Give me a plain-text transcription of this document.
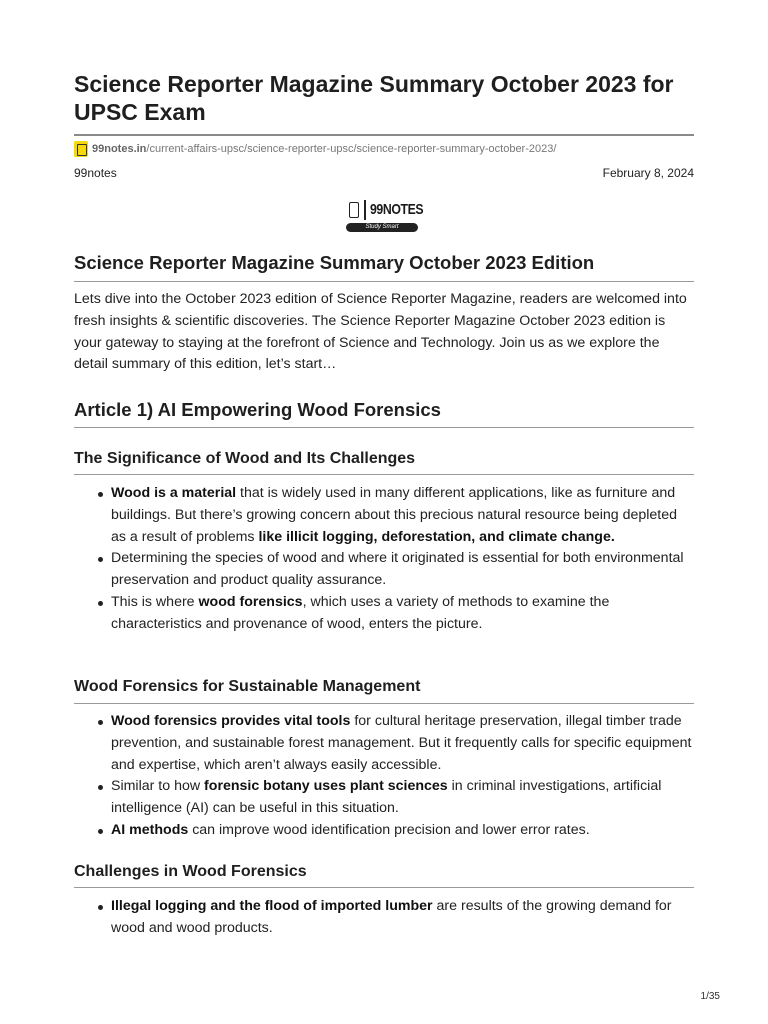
Science Reporter Magazine Summary October 2023 for UPSC Exam
99notes.in /current-affairs-upsc/science-reporter-upsc/science-reporter-summary-october-2023/
99notes	February 8, 2024
99NOTES
Study Smart
Science Reporter Magazine Summary October 2023 Edition

Lets dive into the October 2023 edition of Science Reporter Magazine, readers are welcomed into fresh insights & scientific discoveries. The Science Reporter Magazine October 2023 edition is your gateway to staying at the forefront of Science and Technology. Join us as we explore the detail summary of this edition, let’s start…

Article 1) AI Empowering Wood Forensics
The Significance of Wood and Its Challenges
Wood is a material that is widely used in many different applications, like as furniture and buildings. But there’s growing concern about this precious natural resource being depleted as a result of problems like illicit logging, deforestation, and climate change.
Determining the species of wood and where it originated is essential for both environmental preservation and product quality assurance.
This is where wood forensics, which uses a variety of methods to examine the characteristics and provenance of wood, enters the picture.
Wood Forensics for Sustainable Management
Wood forensics provides vital tools for cultural heritage preservation, illegal timber trade prevention, and sustainable forest management. But it frequently calls for specific equipment and expertise, which aren’t always easily accessible.
Similar to how forensic botany uses plant sciences in criminal investigations, artificial intelligence (AI) can be useful in this situation.
AI methods can improve wood identification precision and lower error rates.
Challenges in Wood Forensics
Illegal logging and the flood of imported lumber are results of the growing demand for wood and wood products.
1/35
